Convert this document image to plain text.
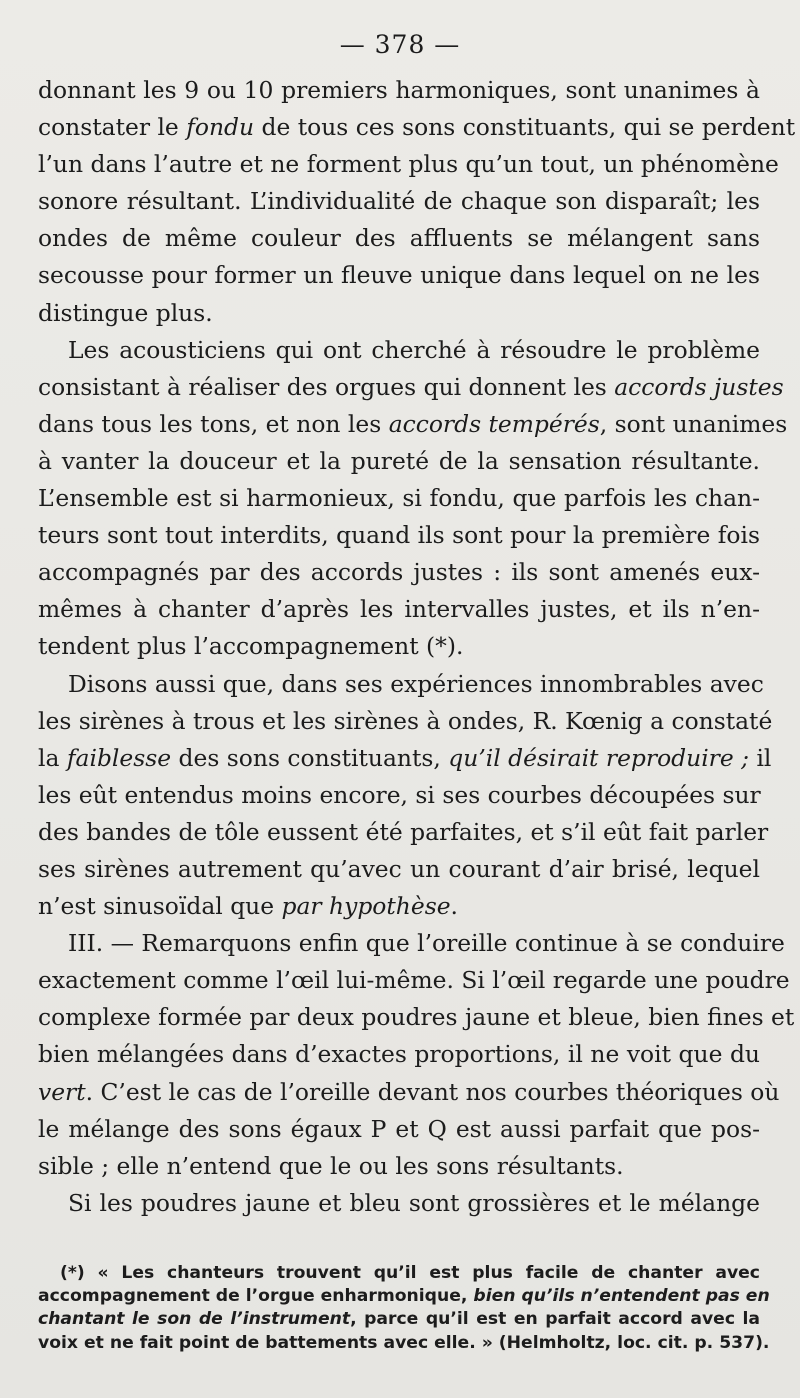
— 378 —
donnant les 9 ou 10 premiers harmoniques, sont unanimes à
constater le fondu de tous ces sons constituants, qui se perdent
l’un dans l’autre et ne forment plus qu’un tout, un phénomène
sonore résultant. L’individualité de chaque son disparaît; les
ondes de même couleur des affluents se mélangent sans
secousse pour former un fleuve unique dans lequel on ne les
distingue plus.
Les acousticiens qui ont cherché à résoudre le problème
consistant à réaliser des orgues qui donnent les accords justes
dans tous les tons, et non les accords tempérés, sont unanimes
à vanter la douceur et la pureté de la sensation résultante.
L’ensemble est si harmonieux, si fondu, que parfois les chan-
teurs sont tout interdits, quand ils sont pour la première fois
accompagnés par des accords justes : ils sont amenés eux-
mêmes à chanter d’après les intervalles justes, et ils n’en-
tendent plus l’accompagnement (*).
Disons aussi que, dans ses expériences innombrables avec
les sirènes à trous et les sirènes à ondes, R. Kœnig a constaté
la faiblesse des sons constituants, qu’il désirait reproduire ; il
les eût entendus moins encore, si ses courbes découpées sur
des bandes de tôle eussent été parfaites, et s’il eût fait parler
ses sirènes autrement qu’avec un courant d’air brisé, lequel
n’est sinusoïdal que par hypothèse.
III. — Remarquons enfin que l’oreille continue à se conduire
exactement comme l’œil lui-même. Si l’œil regarde une poudre
complexe formée par deux poudres jaune et bleue, bien fines et
bien mélangées dans d’exactes proportions, il ne voit que du
vert. C’est le cas de l’oreille devant nos courbes théoriques où
le mélange des sons égaux P et Q est aussi parfait que pos-
sible ; elle n’entend que le ou les sons résultants.
Si les poudres jaune et bleu sont grossières et le mélange
(*) « Les chanteurs trouvent qu’il est plus facile de chanter avec
accompagnement de l’orgue enharmonique, bien qu’ils n’entendent pas en
chantant le son de l’instrument, parce qu’il est en parfait accord avec la
voix et ne fait point de battements avec elle. » (Helmholtz, loc. cit. p. 537).
